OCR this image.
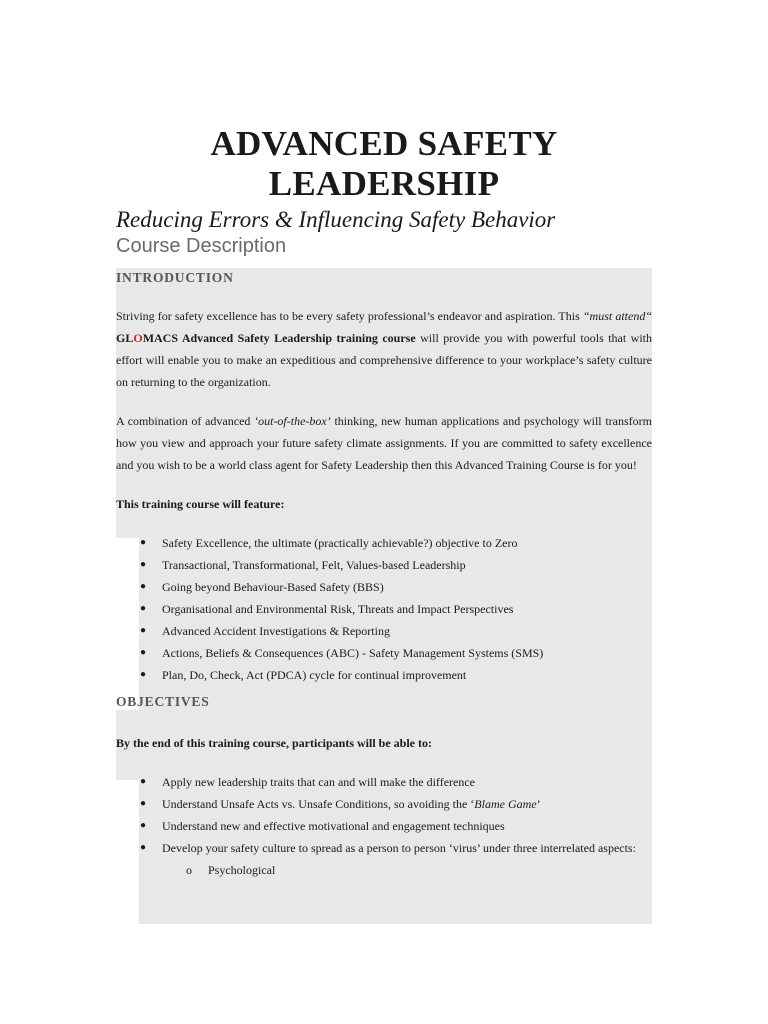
ADVANCED SAFETY
LEADERSHIP
Reducing Errors & Influencing Safety Behavior
Course Description
INTRODUCTION

Striving for safety excellence has to be every safety professional’s endeavor and aspiration. This “must attend“ GLOMACS Advanced Safety Leadership training course will provide you with powerful tools that with effort will enable you to make an expeditious and comprehensive difference to your workplace’s safety culture on returning to the organization.

A combination of advanced ‘out-of-the-box’ thinking, new human applications and psychology will transform how you view and approach your future safety climate assignments. If you are committed to safety excellence and you wish to be a world class agent for Safety Leadership then this Advanced Training Course is for you!

This training course will feature:

● Safety Excellence, the ultimate (practically achievable?) objective to Zero
● Transactional, Transformational, Felt, Values-based Leadership
● Going beyond Behaviour-Based Safety (BBS)
● Organisational and Environmental Risk, Threats and Impact Perspectives
● Advanced Accident Investigations & Reporting
● Actions, Beliefs & Consequences (ABC) - Safety Management Systems (SMS)
● Plan, Do, Check, Act (PDCA) cycle for continual improvement
OBJECTIVES

By the end of this training course, participants will be able to:

● Apply new leadership traits that can and will make the difference
● Understand Unsafe Acts vs. Unsafe Conditions, so avoiding the ‘Blame Game’
● Understand new and effective motivational and engagement techniques
● Develop your safety culture to spread as a person to person ‘virus’ under three interrelated aspects:
o Psychological
